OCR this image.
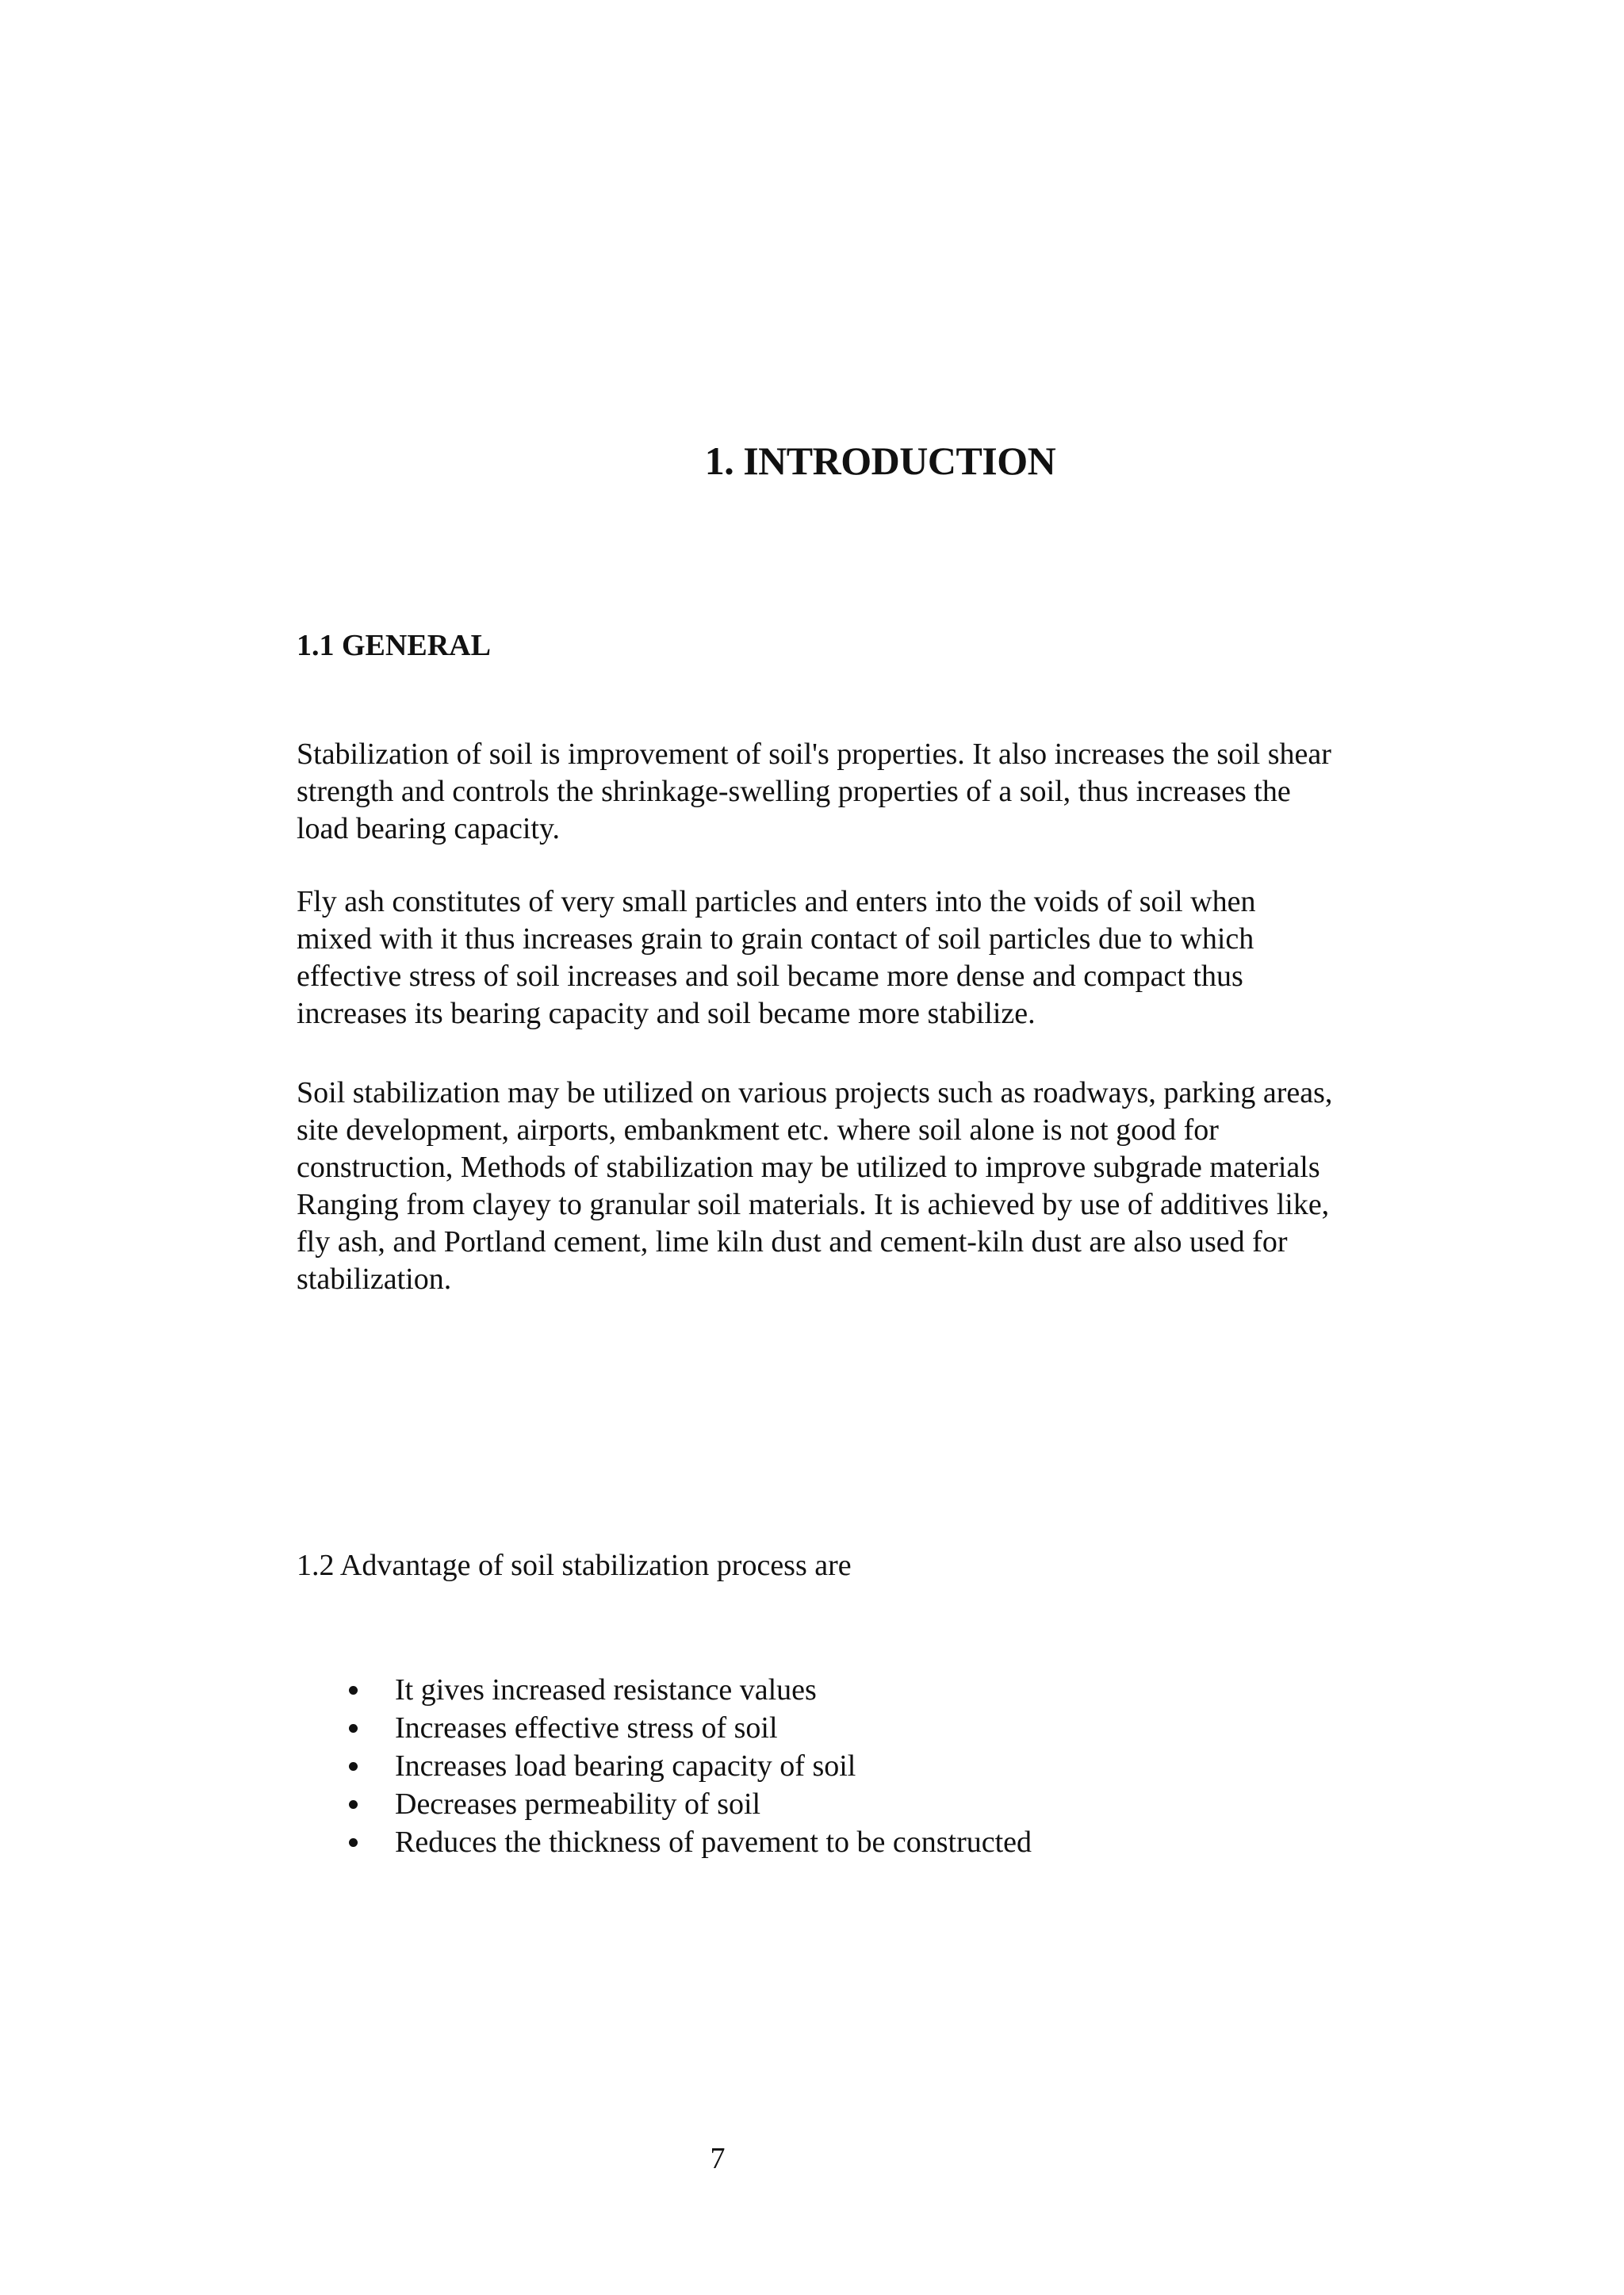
1. INTRODUCTION
1.1 GENERAL

Stabilization of soil is improvement of soil's properties. It also increases the soil shear
strength and controls the shrinkage-swelling properties of a soil, thus increases the
load bearing capacity.

Fly ash constitutes of very small particles and enters into the voids of soil when
mixed with it thus increases grain to grain contact of soil particles due to which
effective stress of soil increases and soil became more dense and compact thus
increases its bearing capacity and soil became more stabilize.

Soil stabilization may be utilized on various projects such as roadways, parking areas,
site development, airports, embankment etc. where soil alone is not good for
construction, Methods of stabilization may be utilized to improve subgrade materials
Ranging from clayey to granular soil materials. It is achieved by use of additives like,
fly ash, and Portland cement, lime kiln dust and cement-kiln dust are also used for
stabilization.

1.2 Advantage of soil stabilization process are

It gives increased resistance values
Increases effective stress of soil
Increases load bearing capacity of soil
Decreases permeability of soil
Reduces the thickness of pavement to be constructed

7
